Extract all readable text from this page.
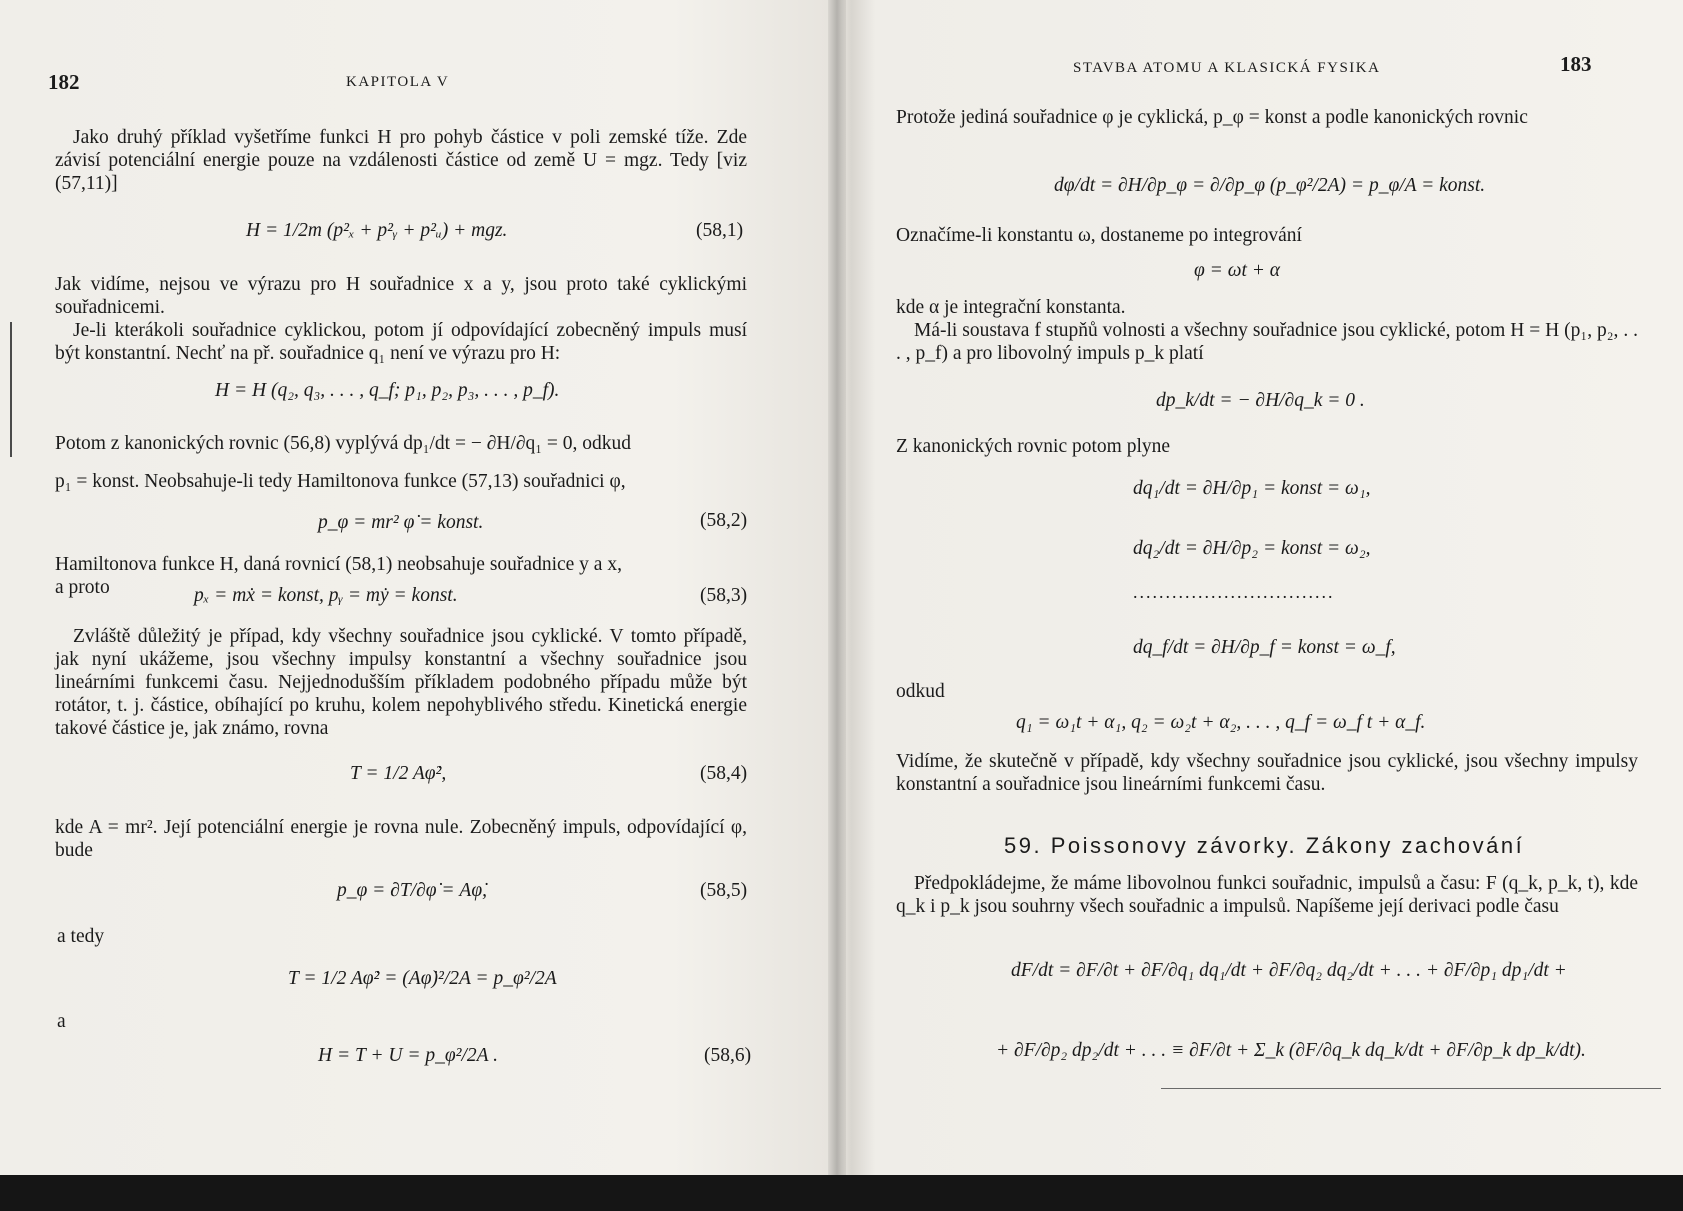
182	KAPITOLA V

Jako druhý příklad vyšetříme funkci H pro pohyb částice v poli zemské tíže. Zde závisí potenciální energie pouze na vzdálenosti částice od země U = mgz. Tedy [viz (57,11)]

H = 1/2m (p²ₓ + p²ᵧ + p²ᵤ) + mgz.	(58,1)

Jak vidíme, nejsou ve výrazu pro H souřadnice x a y, jsou proto také cyklickými souřadnicemi.

Je-li kterákoli souřadnice cyklickou, potom jí odpovídající zobecněný impuls musí být konstantní. Nechť na př. souřadnice q₁ není ve výrazu pro H:

H = H (q₂, q₃, . . . , q_f; p₁, p₂, p₃, . . . , p_f).
Potom z kanonických rovnic (56,8) vyplývá dp₁/dt = − ∂H/∂q₁ = 0, odkud
p₁ = konst. Neobsahuje-li tedy Hamiltonova funkce (57,13) souřadnici φ,
p_φ = mr² φ̇ = konst.	(58,2)
Hamiltonova funkce H, daná rovnicí (58,1) neobsahuje souřadnice y a x,
a proto	pₓ = mẋ = konst, pᵧ = mẏ = konst.	(58,3)

Zvláště důležitý je případ, kdy všechny souřadnice jsou cyklické. V tomto případě, jak nyní ukážeme, jsou všechny impulsy konstantní a všechny souřadnice jsou lineárními funkcemi času. Nejjednodušším příkladem podobného případu může být rotátor, t. j. částice, obíhající po kruhu, kolem nepohyblivého středu. Kinetická energie takové částice je, jak známo, rovna

T = 1/2 Aφ̇²,	(58,4)

kde A = mr². Její potenciální energie je rovna nule. Zobecněný impuls, odpovídající φ, bude

p_φ = ∂T/∂φ̇ = Aφ̇,	(58,5)
a tedy
T = 1/2 Aφ̇² = (Aφ̇)²/2A = p_φ²/2A
a
H = T + U = p_φ²/2A .	(58,6)
STAVBA ATOMU A KLASICKÁ FYSIKA	183

Protože jediná souřadnice φ je cyklická, p_φ = konst a podle kanonických rovnic

dφ/dt = ∂H/∂p_φ = ∂/∂p_φ (p_φ²/2A) = p_φ/A = konst.
Označíme-li konstantu ω, dostaneme po integrování
φ = ωt + α
kde α je integrační konstanta.

Má-li soustava f stupňů volnosti a všechny souřadnice jsou cyklické, potom H = H (p₁, p₂, . . . , p_f) a pro libovolný impuls p_k platí

dp_k/dt = − ∂H/∂q_k = 0 .
Z kanonických rovnic potom plyne
dq₁/dt = ∂H/∂p₁ = konst = ω₁,
dq₂/dt = ∂H/∂p₂ = konst = ω₂,
...............................
dq_f/dt = ∂H/∂p_f = konst = ω_f,
odkud
q₁ = ω₁t + α₁, q₂ = ω₂t + α₂, . . . , q_f = ω_f t + α_f.

Vidíme, že skutečně v případě, kdy všechny souřadnice jsou cyklické, jsou všechny impulsy konstantní a souřadnice jsou lineárními funkcemi času.

59. Poissonovy závorky. Zákony zachování

Předpokládejme, že máme libovolnou funkci souřadnic, impulsů a času: F (q_k, p_k, t), kde q_k i p_k jsou souhrny všech souřadnic a impulsů. Napíšeme její derivaci podle času

dF/dt = ∂F/∂t + ∂F/∂q₁ dq₁/dt + ∂F/∂q₂ dq₂/dt + . . . + ∂F/∂p₁ dp₁/dt +
+ ∂F/∂p₂ dp₂/dt + . . . ≡ ∂F/∂t + Σ_k (∂F/∂q_k dq_k/dt + ∂F/∂p_k dp_k/dt).
